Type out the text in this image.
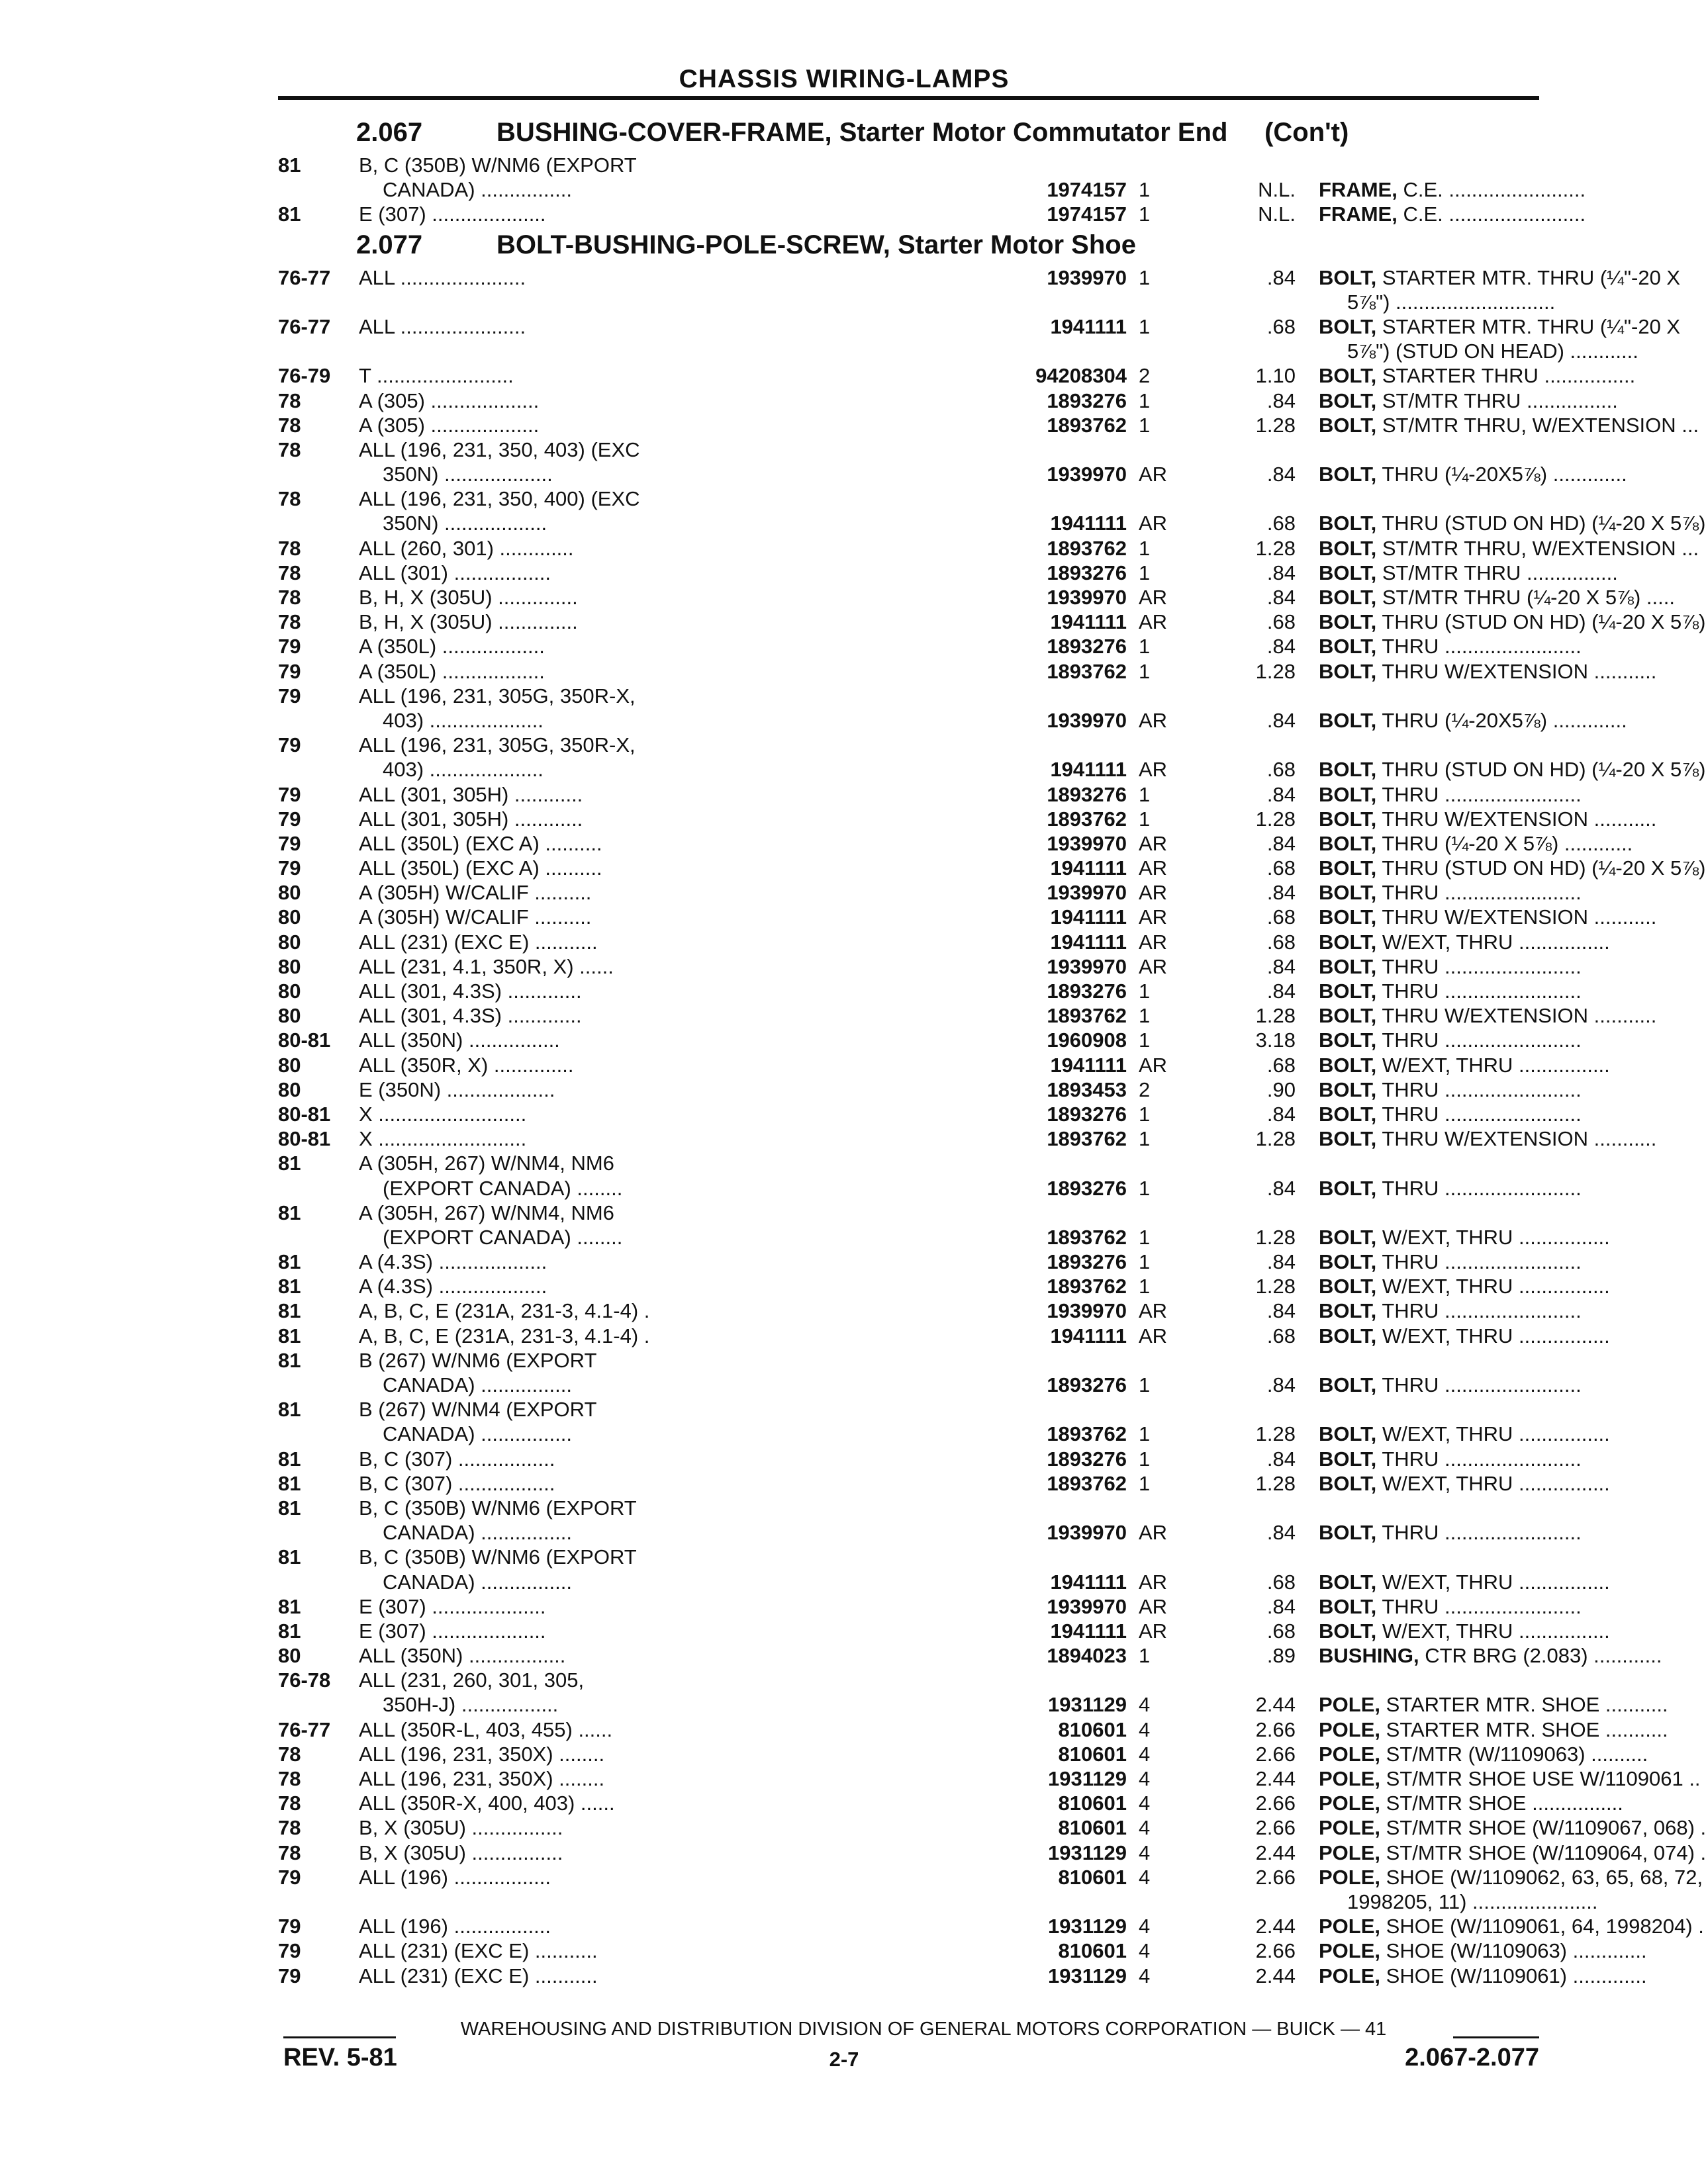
CHASSIS WIRING-LAMPS
2.067	BUSHING-COVER-FRAME, Starter Motor Commutator End (Con't)
81	B, C (350B) W/NM6 (EXPORT
CANADA) ................	1974157 1	N.L. FRAME, C.E. ........................
81	E (307) ....................	1974157 1	N.L. FRAME, C.E. ........................
2.077	BOLT-BUSHING-POLE-SCREW, Starter Motor Shoe
76-77 ALL ......................	1939970 1	.84 BOLT, STARTER MTR. THRU (¼"-20 X
5⅞") ............................
76-77 ALL ......................	1941111 1	.68 BOLT, STARTER MTR. THRU (¼"-20 X
5⅞") (STUD ON HEAD) ............
76-79 T ........................	94208304 2	1.10 BOLT, STARTER THRU ................
78	A (305) ...................	1893276 1	.84 BOLT, ST/MTR THRU ................
78	A (305) ...................	1893762 1	1.28 BOLT, ST/MTR THRU, W/EXTENSION ...
78	ALL (196, 231, 350, 403) (EXC
350N) ...................	1939970 AR	.84 BOLT, THRU (¼-20X5⅞) .............
78	ALL (196, 231, 350, 400) (EXC
350N) ..................	1941111 AR	.68 BOLT, THRU (STUD ON HD) (¼-20 X 5⅞)
78	ALL (260, 301) .............	1893762 1	1.28 BOLT, ST/MTR THRU, W/EXTENSION ...
78	ALL (301) .................	1893276 1	.84 BOLT, ST/MTR THRU ................
78	B, H, X (305U) ..............	1939970 AR	.84 BOLT, ST/MTR THRU (¼-20 X 5⅞) .....
78	B, H, X (305U) ..............	1941111 AR	.68 BOLT, THRU (STUD ON HD) (¼-20 X 5⅞)
79	A (350L) ..................	1893276 1	.84 BOLT, THRU ........................
79	A (350L) ..................	1893762 1	1.28 BOLT, THRU W/EXTENSION ...........
79	ALL (196, 231, 305G, 350R-X,
403) ....................	1939970 AR	.84 BOLT, THRU (¼-20X5⅞) .............
79	ALL (196, 231, 305G, 350R-X,
403) ....................	1941111 AR	.68 BOLT, THRU (STUD ON HD) (¼-20 X 5⅞)
79	ALL (301, 305H) ............	1893276 1	.84 BOLT, THRU ........................
79	ALL (301, 305H) ............	1893762 1	1.28 BOLT, THRU W/EXTENSION ...........
79	ALL (350L) (EXC A) ..........	1939970 AR	.84 BOLT, THRU (¼-20 X 5⅞) ............
79	ALL (350L) (EXC A) ..........	1941111 AR	.68 BOLT, THRU (STUD ON HD) (¼-20 X 5⅞)
80	A (305H) W/CALIF ..........	1939970 AR	.84 BOLT, THRU ........................
80	A (305H) W/CALIF ..........	1941111 AR	.68 BOLT, THRU W/EXTENSION ...........
80	ALL (231) (EXC E) ...........	1941111 AR	.68 BOLT, W/EXT, THRU ................
80	ALL (231, 4.1, 350R, X) ......	1939970 AR	.84 BOLT, THRU ........................
80	ALL (301, 4.3S) .............	1893276 1	.84 BOLT, THRU ........................
80	ALL (301, 4.3S) .............	1893762 1	1.28 BOLT, THRU W/EXTENSION ...........
80-81 ALL (350N) ................	1960908 1	3.18 BOLT, THRU ........................
80	ALL (350R, X) ..............	1941111 AR	.68 BOLT, W/EXT, THRU ................
80	E (350N) ...................	1893453 2	.90 BOLT, THRU ........................
80-81 X ..........................	1893276 1	.84 BOLT, THRU ........................
80-81 X ..........................	1893762 1	1.28 BOLT, THRU W/EXTENSION ...........
81	A (305H, 267) W/NM4, NM6
(EXPORT CANADA) ........	1893276 1	.84 BOLT, THRU ........................
81	A (305H, 267) W/NM4, NM6
(EXPORT CANADA) ........	1893762 1	1.28 BOLT, W/EXT, THRU ................
81	A (4.3S) ...................	1893276 1	.84 BOLT, THRU ........................
81	A (4.3S) ...................	1893762 1	1.28 BOLT, W/EXT, THRU ................
81	A, B, C, E (231A, 231-3, 4.1-4) .	1939970 AR	.84 BOLT, THRU ........................
81	A, B, C, E (231A, 231-3, 4.1-4) .	1941111 AR	.68 BOLT, W/EXT, THRU ................
81	B (267) W/NM6 (EXPORT
CANADA) ................	1893276 1	.84 BOLT, THRU ........................
81	B (267) W/NM4 (EXPORT
CANADA) ................	1893762 1	1.28 BOLT, W/EXT, THRU ................
81	B, C (307) .................	1893276 1	.84 BOLT, THRU ........................
81	B, C (307) .................	1893762 1	1.28 BOLT, W/EXT, THRU ................
81	B, C (350B) W/NM6 (EXPORT
CANADA) ................	1939970 AR	.84 BOLT, THRU ........................
81	B, C (350B) W/NM6 (EXPORT
CANADA) ................	1941111 AR	.68 BOLT, W/EXT, THRU ................
81	E (307) ....................	1939970 AR	.84 BOLT, THRU ........................
81	E (307) ....................	1941111 AR	.68 BOLT, W/EXT, THRU ................
80	ALL (350N) .................	1894023 1	.89 BUSHING, CTR BRG (2.083) ............
76-78 ALL (231, 260, 301, 305,
350H-J) .................	1931129 4	2.44 POLE, STARTER MTR. SHOE ...........
76-77 ALL (350R-L, 403, 455) ......	810601 4	2.66 POLE, STARTER MTR. SHOE ...........
78	ALL (196, 231, 350X) ........	810601 4	2.66 POLE, ST/MTR (W/1109063) ..........
78	ALL (196, 231, 350X) ........	1931129 4	2.44 POLE, ST/MTR SHOE USE W/1109061 ..
78	ALL (350R-X, 400, 403) ......	810601 4	2.66 POLE, ST/MTR SHOE ................
78	B, X (305U) ................	810601 4	2.66 POLE, ST/MTR SHOE (W/1109067, 068) .
78	B, X (305U) ................	1931129 4	2.44 POLE, ST/MTR SHOE (W/1109064, 074) .
79	ALL (196) .................	810601 4	2.66 POLE, SHOE (W/1109062, 63, 65, 68, 72,
1998205, 11) ......................
79	ALL (196) .................	1931129 4	2.44 POLE, SHOE (W/1109061, 64, 1998204) .
79	ALL (231) (EXC E) ...........	810601 4	2.66 POLE, SHOE (W/1109063) .............
79	ALL (231) (EXC E) ...........	1931129 4	2.44 POLE, SHOE (W/1109061) .............
WAREHOUSING AND DISTRIBUTION DIVISION OF GENERAL MOTORS CORPORATION — BUICK — 41
REV. 5-81	2-7	2.067-2.077
